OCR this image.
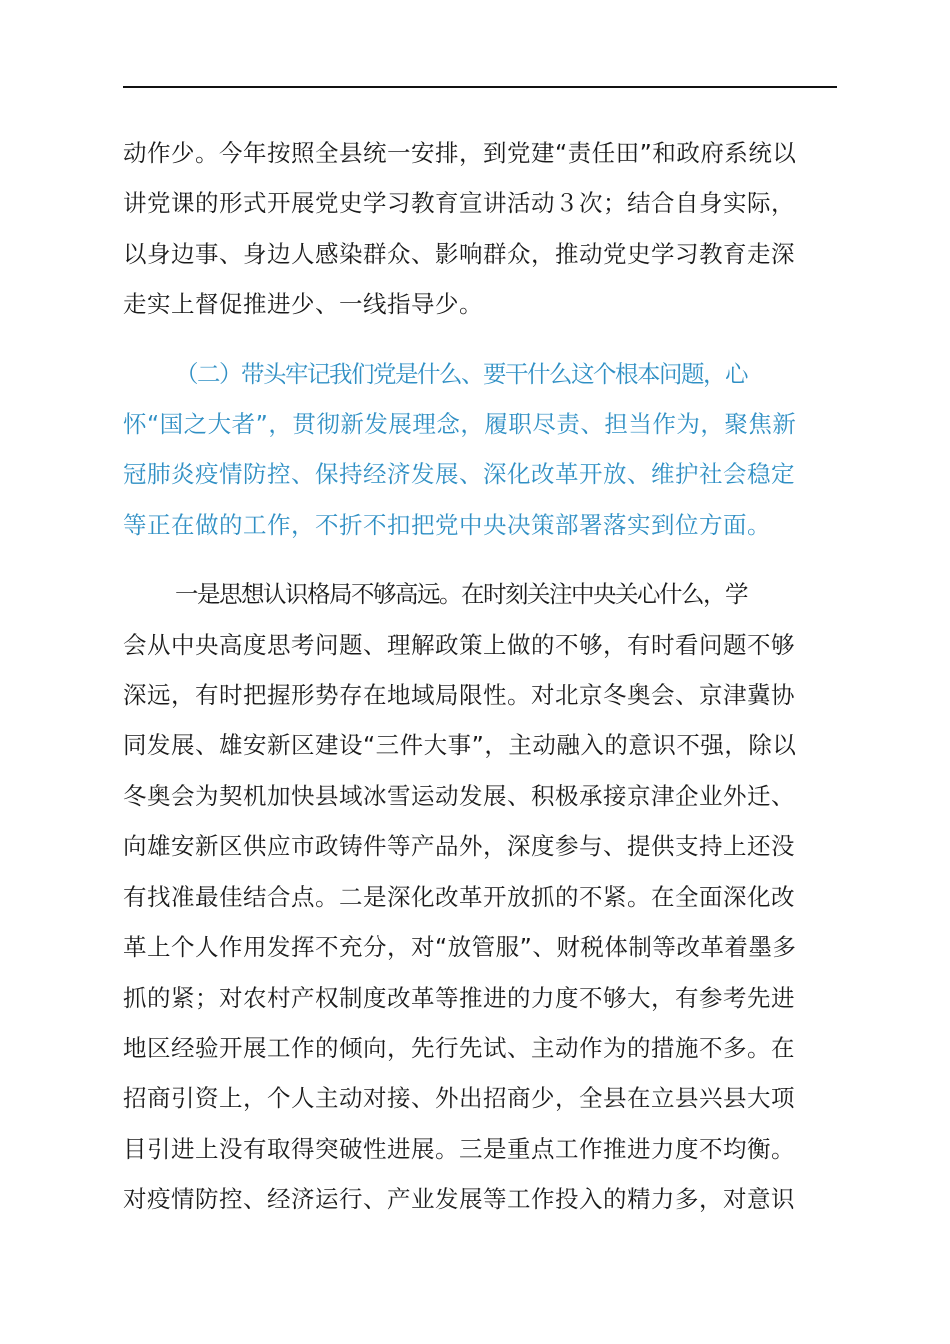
动作少。今年按照全县统一安排，到党建“责任田”和政府系统以
讲党课的形式开展党史学习教育宣讲活动３次；结合自身实际，
以身边事、身边人感染群众、影响群众，推动党史学习教育走深
走实上督促推进少、一线指导少。

（二）带头牢记我们党是什么、要干什么这个根本问题，心
怀“国之大者”，贯彻新发展理念，履职尽责、担当作为，聚焦新
冠肺炎疫情防控、保持经济发展、深化改革开放、维护社会稳定
等正在做的工作，不折不扣把党中央决策部署落实到位方面。

一是思想认识格局不够高远。在时刻关注中央关心什么，学
会从中央高度思考问题、理解政策上做的不够，有时看问题不够
深远，有时把握形势存在地域局限性。对北京冬奥会、京津冀协
同发展、雄安新区建设“三件大事”，主动融入的意识不强，除以
冬奥会为契机加快县域冰雪运动发展、积极承接京津企业外迁、
向雄安新区供应市政铸件等产品外，深度参与、提供支持上还没
有找准最佳结合点。二是深化改革开放抓的不紧。在全面深化改
革上个人作用发挥不充分，对“放管服”、财税体制等改革着墨多
抓的紧；对农村产权制度改革等推进的力度不够大，有参考先进
地区经验开展工作的倾向，先行先试、主动作为的措施不多。在
招商引资上，个人主动对接、外出招商少，全县在立县兴县大项
目引进上没有取得突破性进展。三是重点工作推进力度不均衡。
对疫情防控、经济运行、产业发展等工作投入的精力多，对意识
